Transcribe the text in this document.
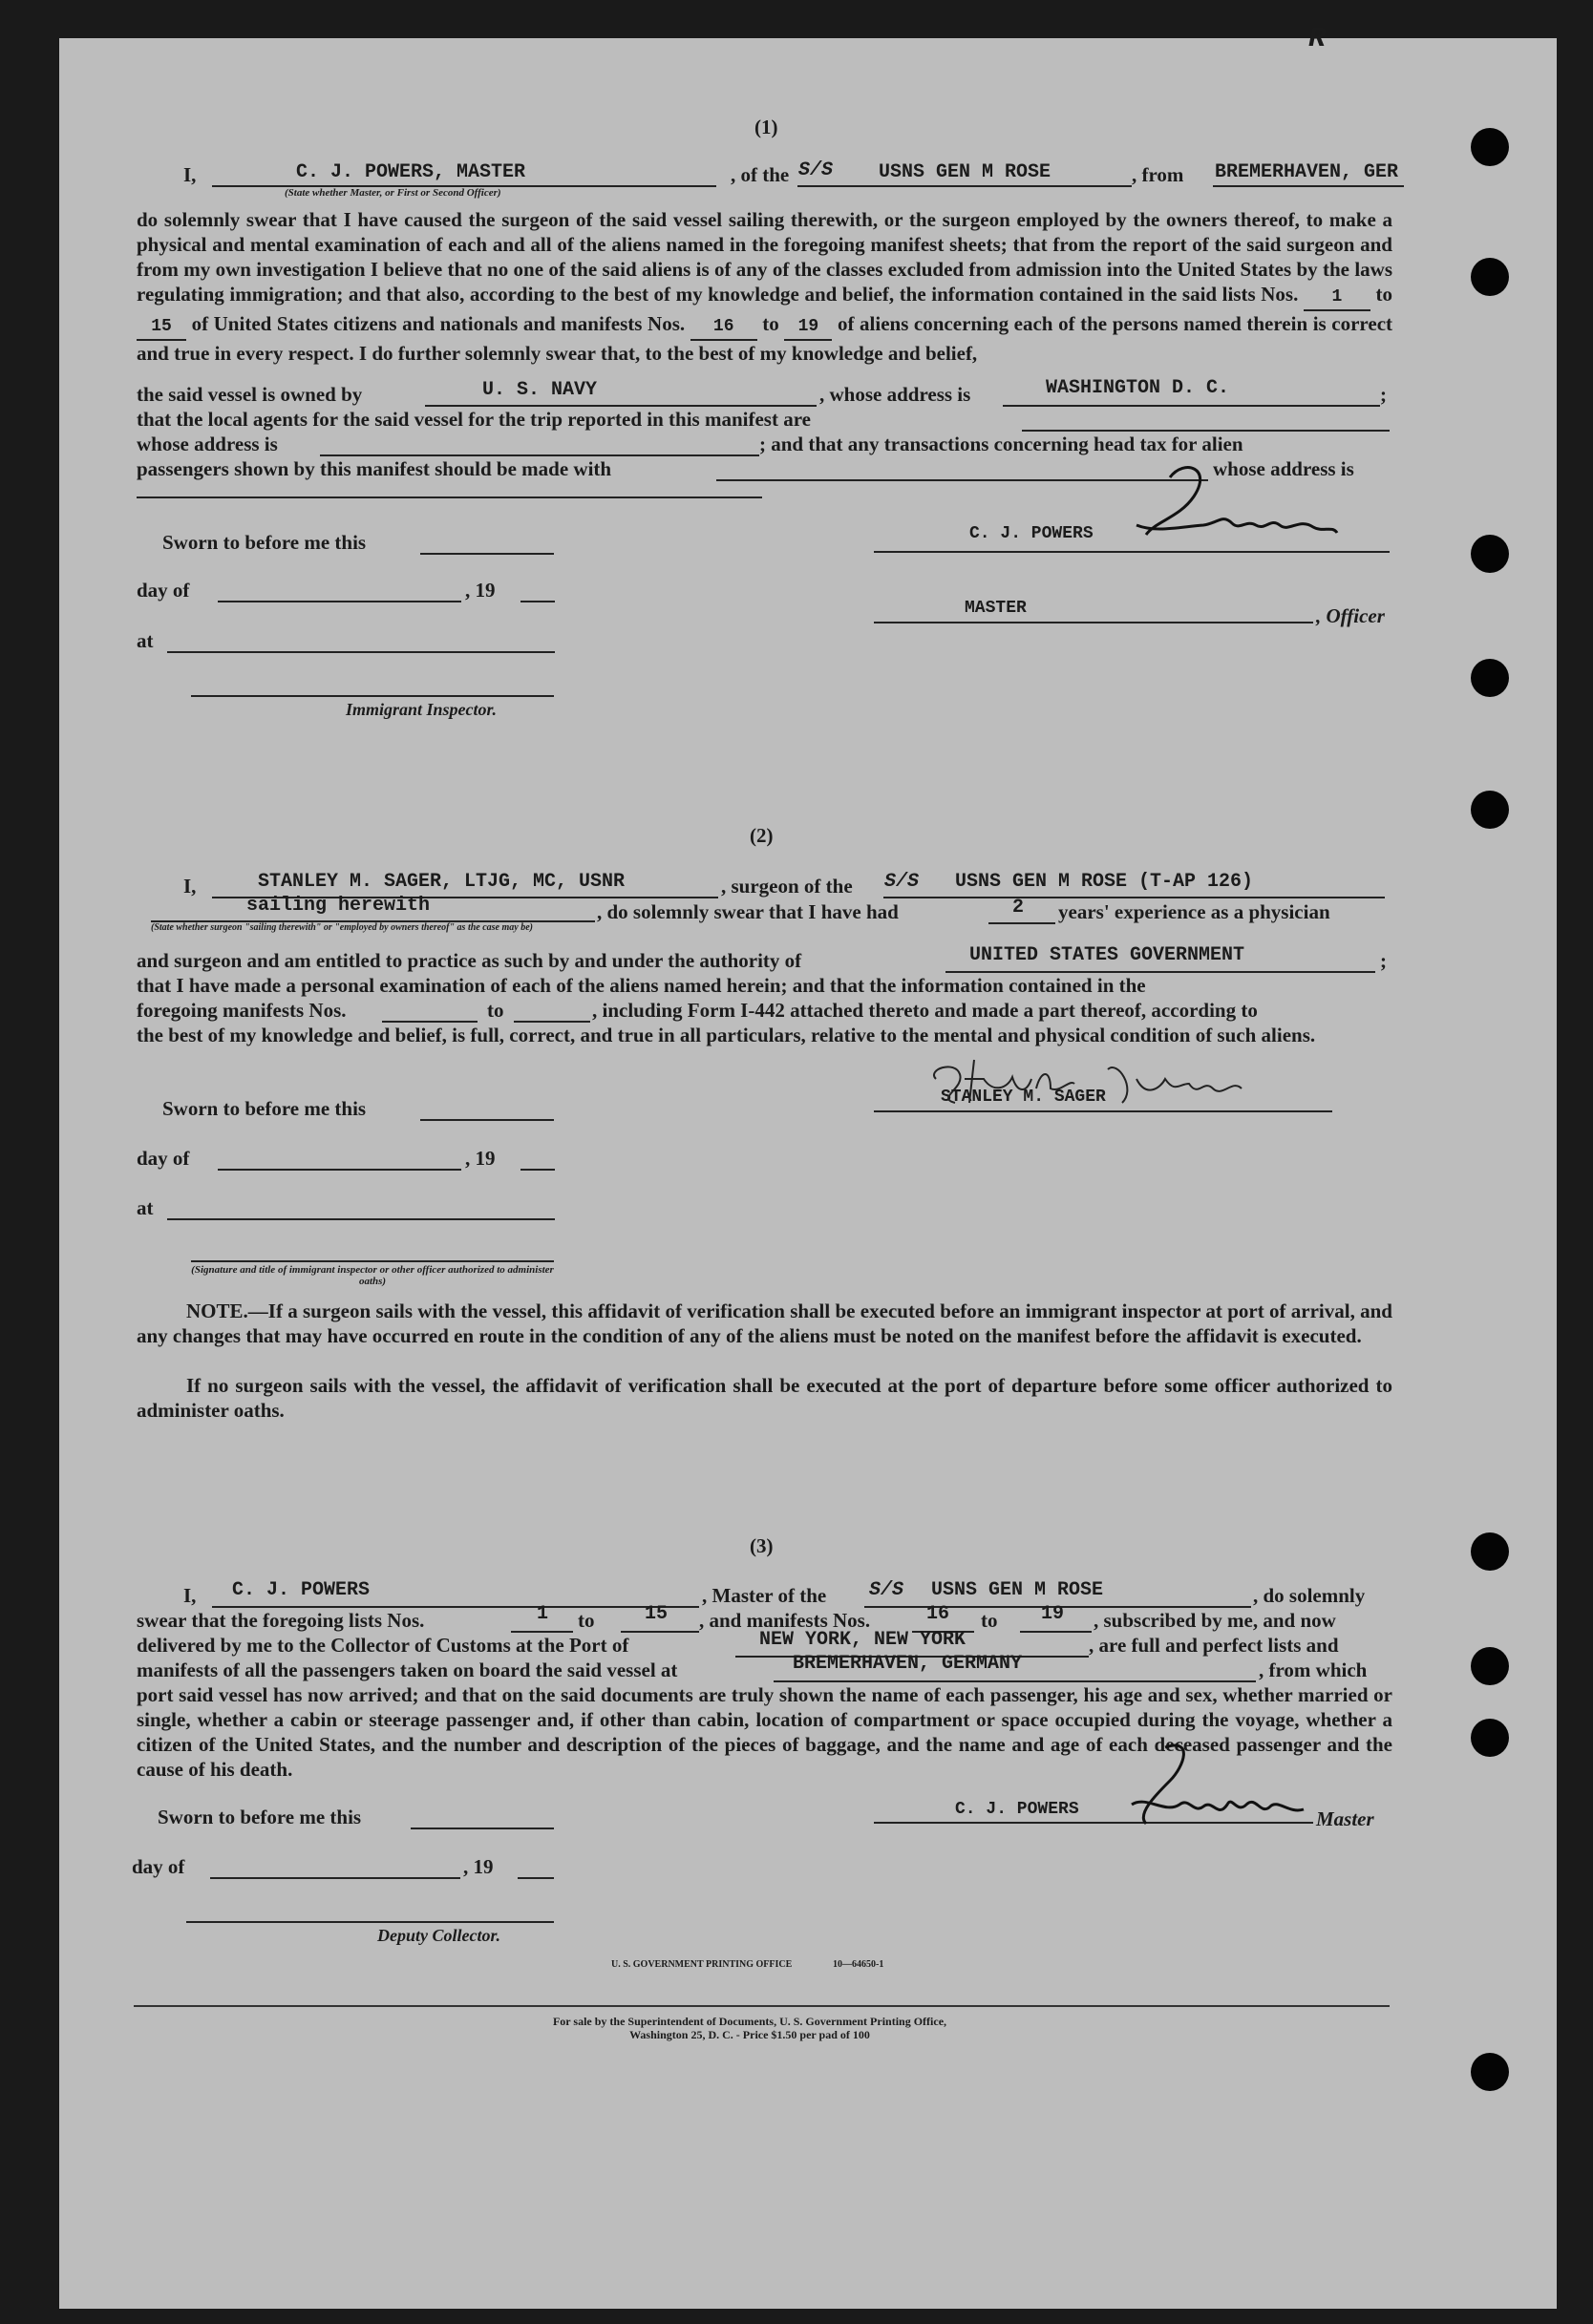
R
(1)
I,	C. J. POWERS, MASTER	, of the S/S USNS GEN M ROSE	, from BREMERHAVEN, GER
(State whether Master, or First or Second Officer)

do solemnly swear that I have caused the surgeon of the said vessel sailing therewith, or the surgeon employed by the owners thereof, to make a physical and mental examination of each and all of the aliens named in the foregoing manifest sheets; that from the report of the said surgeon and from my own investigation I believe that no one of the said aliens is of any of the classes excluded from admission into the United States by the laws regulating immigration; and that also, according to the best of my knowledge and belief, the information contained in the said lists Nos. 1 to 15 of United States citizens and nationals and manifests Nos. 16 to 19 of aliens concerning each of the persons named therein is correct and true in every respect. I do further solemnly swear that, to the best of my knowledge and belief,

the said vessel is owned by	U. S. NAVY	, whose address is	WASHINGTON D. C.	;
that the local agents for the said vessel for the trip reported in this manifest are
whose address is	; and that any transactions concerning head tax for alien
passengers shown by this manifest should be made with	whose address is
Sworn to before me this
day of	, 19
at
Immigrant Inspector.
C. J. POWERS
MASTER	, Officer
(2)
I,	STANLEY M. SAGER, LTJG, MC, USNR	, surgeon of the S/S USNS GEN M ROSE (T-AP 126)
sailing herewith	, do solemnly swear that I have had	2 years' experience as a physician
(State whether surgeon "sailing therewith" or "employed by owners thereof" as the case may be)
and surgeon and am entitled to practice as such by and under the authority of	UNITED STATES GOVERNMENT	;
that I have made a personal examination of each of the aliens named herein; and that the information contained in the
foregoing manifests Nos.	to	, including Form I-442 attached thereto and made a part thereof, according to
the best of my knowledge and belief, is full, correct, and true in all particulars, relative to the mental and physical condition of such aliens.
Sworn to before me this
day of	, 19
at
(Signature and title of immigrant inspector or other officer authorized to administer oaths)
STANLEY M. SAGER

NOTE.—If a surgeon sails with the vessel, this affidavit of verification shall be executed before an immigrant inspector at port of arrival, and any changes that may have occurred en route in the condition of any of the aliens must be noted on the manifest before the affidavit is executed.

If no surgeon sails with the vessel, the affidavit of verification shall be executed at the port of departure before some officer authorized to administer oaths.
(3)
I, C. J. POWERS	, Master of the S/S USNS GEN M ROSE	, do solemnly
swear that the foregoing lists Nos.	1 to	15 , and manifests Nos.	16 to 19 , subscribed by me, and now
delivered by me to the Collector of Customs at the Port of	NEW YORK, NEW YORK	, are full and perfect lists and
manifests of all the passengers taken on board the said vessel at	BREMERHAVEN, GERMANY	, from which
port said vessel has now arrived; and that on the said documents are truly shown the name of each passenger, his age and sex, whether married or single, whether a cabin or steerage passenger and, if other than cabin, location of compartment or space occupied during the voyage, whether a citizen of the United States, and the number and description of the pieces of baggage, and the name and age of each deceased passenger and the cause of his death.
Sworn to before me this
day of	, 19
Deputy Collector.
C. J. POWERS	Master
U. S. GOVERNMENT PRINTING OFFICE	10—64650-1
For sale by the Superintendent of Documents, U. S. Government Printing Office,
Washington 25, D. C. - Price $1.50 per pad of 100
